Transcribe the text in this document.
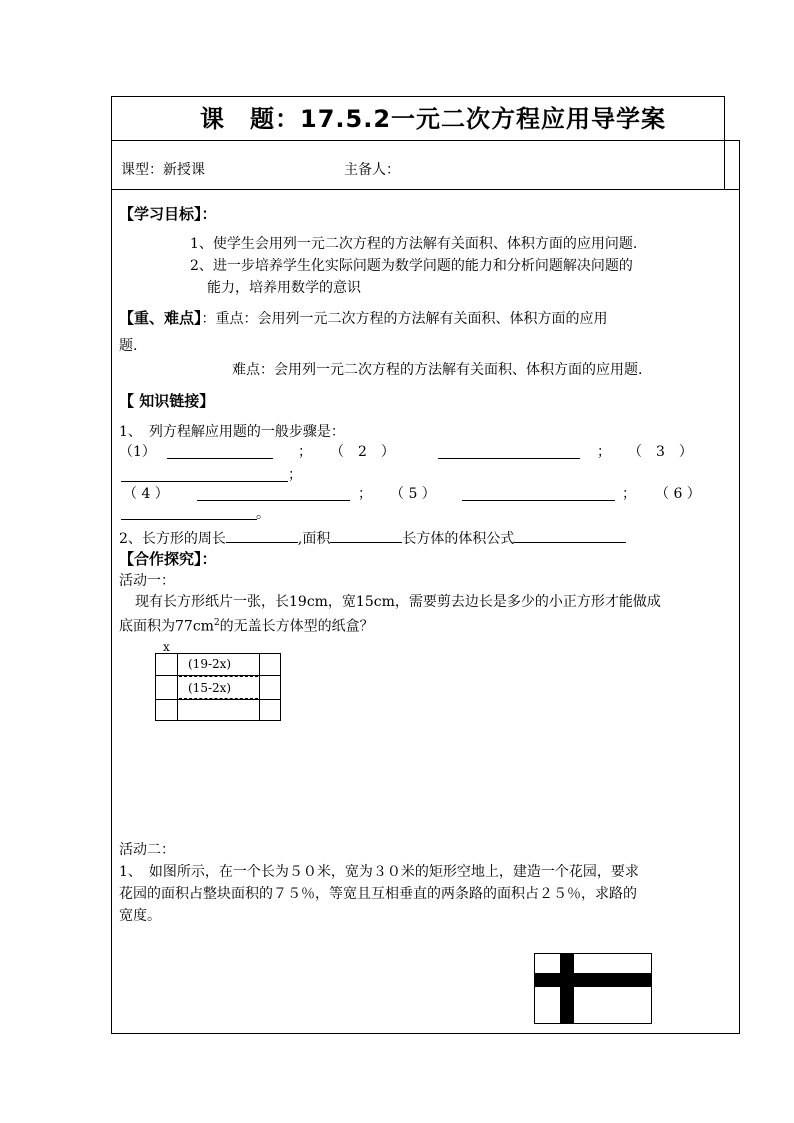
课　题：17.5.2一元二次方程应用导学案
课型：新授课	主备人：
【学习目标】：
1、使学生会用列一元二次方程的方法解有关面积、体积方面的应用问题.
2、进一步培养学生化实际问题为数学问题的能力和分析问题解决问题的
能力，培养用数学的意识
【重、难点】：重点：会用列一元二次方程的方法解有关面积、体积方面的应用
题.
难点：会用列一元二次方程的方法解有关面积、体积方面的应用题.
【 知识链接】
1、　列方程解应用题的一般步骤是：
（1）	； （　2　）	； （　3　）
；
（ 4 ）	； （ 5 ）	； （ 6 ）
。
2、长方形的周长	,面积	长方体的体积公式
【合作探究】：
活动一：
现有长方形纸片一张，长19cm，宽15cm，需要剪去边长是多少的小正方形才能做成
底面积为$77cm^2$的无盖长方体型的纸盒？
x
(19-2x)
(15-2x)
活动二：
1、　如图所示，在一个长为５０米，宽为３０米的矩形空地上，建造一个花园，要求
花园的面积占整块面积的７５％，等宽且互相垂直的两条路的面积占２５％，求路的
宽度。
